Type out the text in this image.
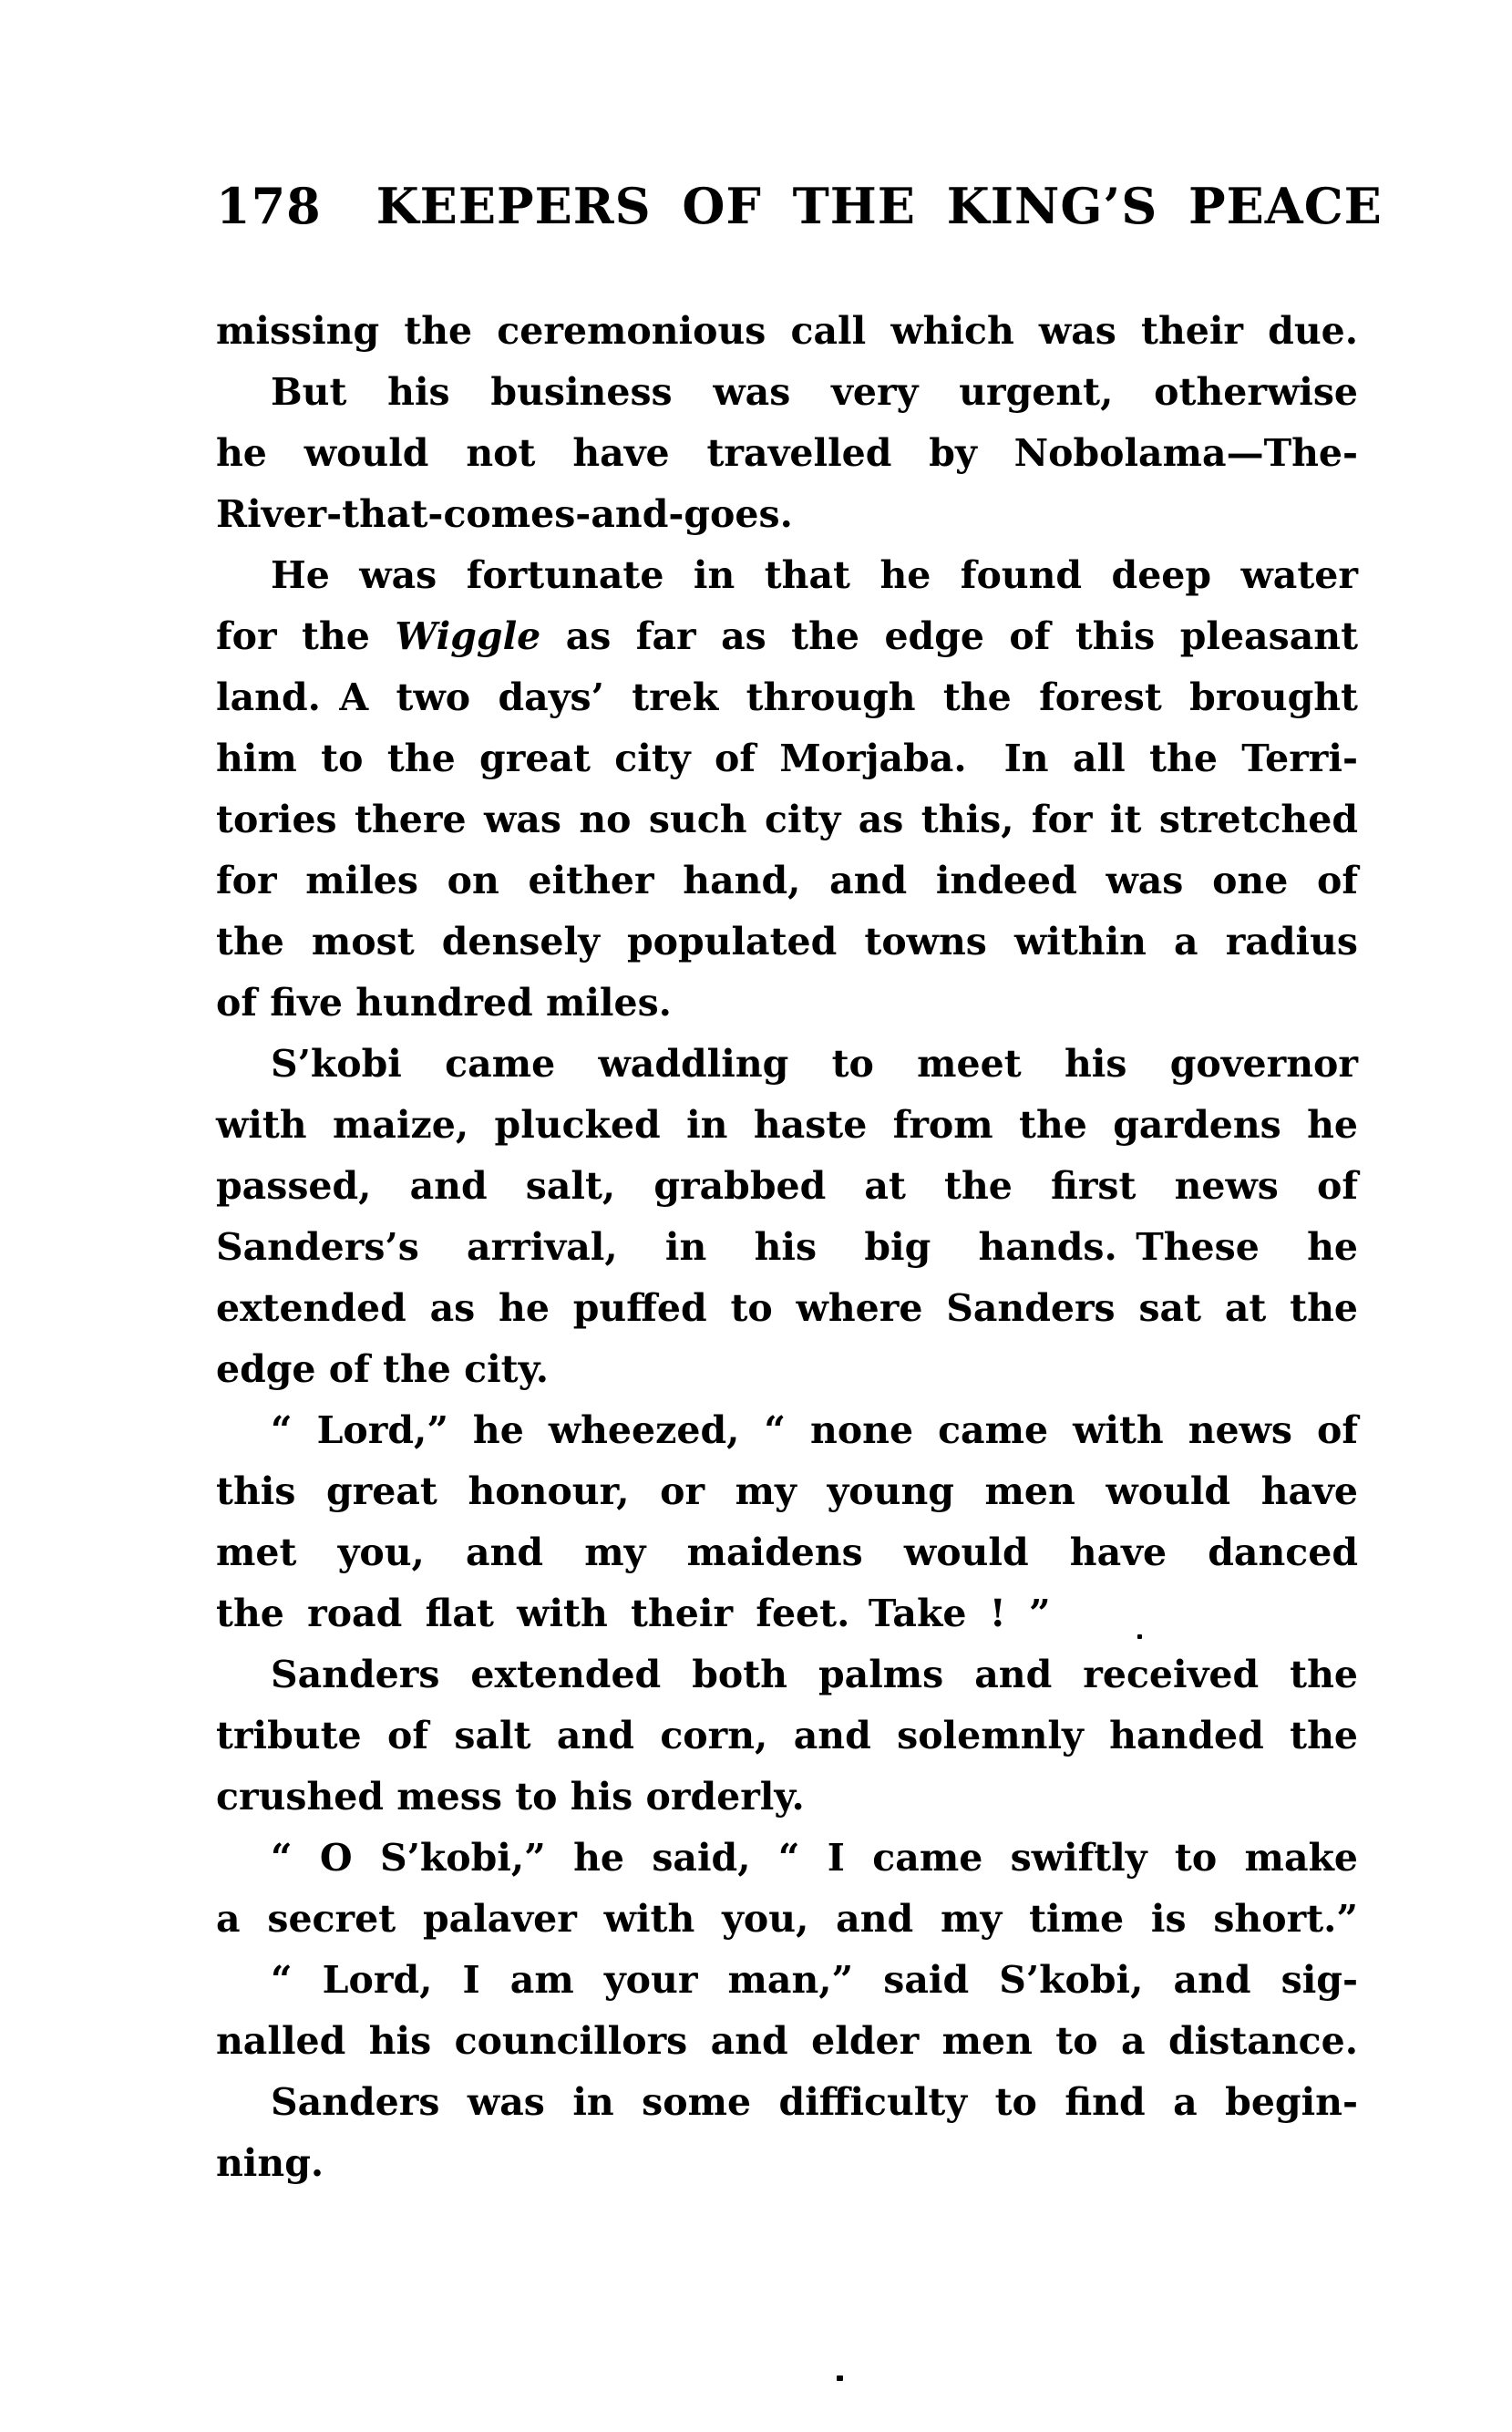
178 KEEPERS OF THE KING’S PEACE
missing the ceremonious call which was their due.
But his business was very urgent, otherwise
he would not have travelled by Nobolama—The-
River-that-comes-and-goes.
He was fortunate in that he found deep water
for the Wiggle as far as the edge of this pleasant
land. A two days’ trek through the forest brought
him to the great city of Morjaba. In all the Terri-
tories there was no such city as this, for it stretched
for miles on either hand, and indeed was one of
the most densely populated towns within a radius
of five hundred miles.
S’kobi came waddling to meet his governor
with maize, plucked in haste from the gardens he
passed, and salt, grabbed at the first news of
Sanders’s arrival, in his big hands. These he
extended as he puffed to where Sanders sat at the
edge of the city.
“ Lord,” he wheezed, “ none came with news of
this great honour, or my young men would have
met you, and my maidens would have danced
the road flat with their feet. Take ! ”
Sanders extended both palms and received the
tribute of salt and corn, and solemnly handed the
crushed mess to his orderly.
“ O S’kobi,” he said, “ I came swiftly to make
a secret palaver with you, and my time is short.”
“ Lord, I am your man,” said S’kobi, and sig-
nalled his councillors and elder men to a distance.
Sanders was in some difficulty to find a begin-
ning.
